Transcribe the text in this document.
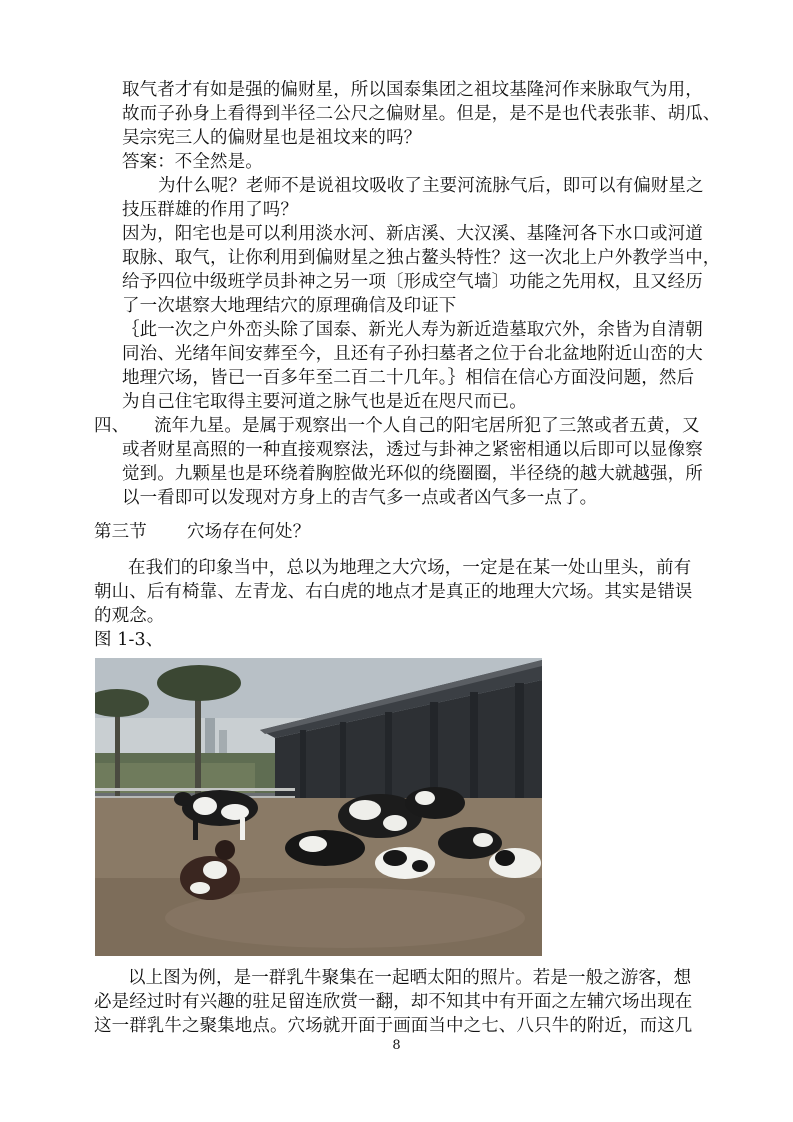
取气者才有如是强的偏财星，所以国泰集团之祖坟基隆河作来脉取气为用，
故而子孙身上看得到半径二公尺之偏财星。但是，是不是也代表张菲、胡瓜、
吴宗宪三人的偏财星也是祖坟来的吗？
答案：不全然是。
为什么呢？老师不是说祖坟吸收了主要河流脉气后，即可以有偏财星之
技压群雄的作用了吗？
因为，阳宅也是可以利用淡水河、新店溪、大汉溪、基隆河各下水口或河道
取脉、取气，让你利用到偏财星之独占鳌头特性？这一次北上户外教学当中，
给予四位中级班学员卦神之另一项〔形成空气墙〕功能之先用权，且又经历
了一次堪察大地理结穴的原理确信及印证下
｛此一次之户外峦头除了国泰、新光人寿为新近造墓取穴外，余皆为自清朝
同治、光绪年间安葬至今，且还有子孙扫墓者之位于台北盆地附近山峦的大
地理穴场，皆已一百多年至二百二十几年。｝相信在信心方面没问题，然后
为自己住宅取得主要河道之脉气也是近在咫尺而已。
四、 流年九星。是属于观察出一个人自己的阳宅居所犯了三煞或者五黄，又
或者财星高照的一种直接观察法，透过与卦神之紧密相通以后即可以显像察
觉到。九颗星也是环绕着胸腔做光环似的绕圈圈，半径绕的越大就越强，所
以一看即可以发现对方身上的吉气多一点或者凶气多一点了。
第三节 穴场存在何处？
在我们的印象当中，总以为地理之大穴场，一定是在某一处山里头，前有
朝山、后有椅靠、左青龙、右白虎的地点才是真正的地理大穴场。其实是错误
的观念。
图 1-3、
以上图为例，是一群乳牛聚集在一起晒太阳的照片。若是一般之游客，想
必是经过时有兴趣的驻足留连欣赏一翻，却不知其中有开面之左辅穴场出现在
这一群乳牛之聚集地点。穴场就开面于画面当中之七、八只牛的附近，而这几
8
